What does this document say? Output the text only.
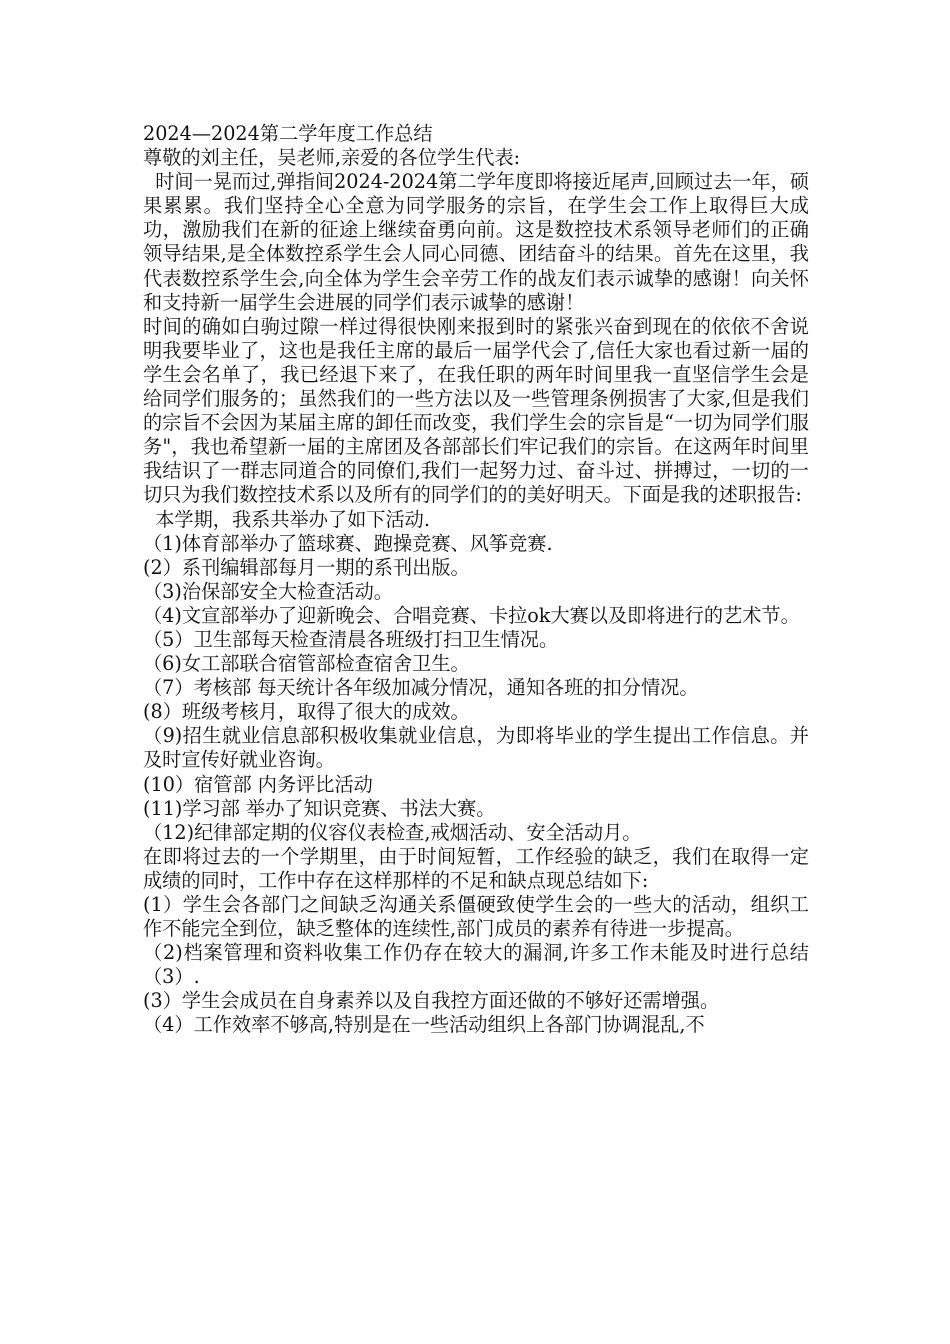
2024—2024第二学年度工作总结

尊敬的刘主任，吴老师,亲爱的各位学生代表:

时间一晃而过,弹指间2024-2024第二学年度即将接近尾声,回顾过去一年，硕果累累。我们坚持全心全意为同学服务的宗旨，在学生会工作上取得巨大成功，激励我们在新的征途上继续奋勇向前。这是数控技术系领导老师们的正确领导结果,是全体数控系学生会人同心同德、团结奋斗的结果。首先在这里，我代表数控系学生会,向全体为学生会辛劳工作的战友们表示诚挚的感谢！向关怀和支持新一届学生会进展的同学们表示诚挚的感谢！

时间的确如白驹过隙一样过得很快刚来报到时的紧张兴奋到现在的依依不舍说明我要毕业了，这也是我任主席的最后一届学代会了,信任大家也看过新一届的学生会名单了，我已经退下来了，在我任职的两年时间里我一直坚信学生会是给同学们服务的；虽然我们的一些方法以及一些管理条例损害了大家,但是我们的宗旨不会因为某届主席的卸任而改变，我们学生会的宗旨是“一切为同学们服务"，我也希望新一届的主席团及各部部长们牢记我们的宗旨。在这两年时间里我结识了一群志同道合的同僚们,我们一起努力过、奋斗过、拼搏过，一切的一切只为我们数控技术系以及所有的同学们的的美好明天。下面是我的述职报告:

本学期，我系共举办了如下活动.

（1)体育部举办了篮球赛、跑操竞赛、风筝竞赛.

(2）系刊编辑部每月一期的系刊出版。

（3)治保部安全大检查活动。

（4)文宣部举办了迎新晚会、合唱竞赛、卡拉ok大赛以及即将进行的艺术节。

（5）卫生部每天检查清晨各班级打扫卫生情况。

（6)女工部联合宿管部检查宿舍卫生。

（7）考核部 每天统计各年级加减分情况，通知各班的扣分情况。

(8）班级考核月，取得了很大的成效。

（9)招生就业信息部积极收集就业信息，为即将毕业的学生提出工作信息。并及时宣传好就业咨询。

(10）宿管部 内务评比活动

(11)学习部 举办了知识竞赛、书法大赛。

（12)纪律部定期的仪容仪表检查,戒烟活动、安全活动月。

在即将过去的一个学期里，由于时间短暂，工作经验的缺乏，我们在取得一定成绩的同时，工作中存在这样那样的不足和缺点现总结如下:

(1）学生会各部门之间缺乏沟通关系僵硬致使学生会的一些大的活动，组织工作不能完全到位，缺乏整体的连续性,部门成员的素养有待进一步提高。

（2)档案管理和资料收集工作仍存在较大的漏洞,许多工作未能及时进行总结（3）.

(3）学生会成员在自身素养以及自我控方面还做的不够好还需增强。

（4）工作效率不够高,特别是在一些活动组织上各部门协调混乱,不
